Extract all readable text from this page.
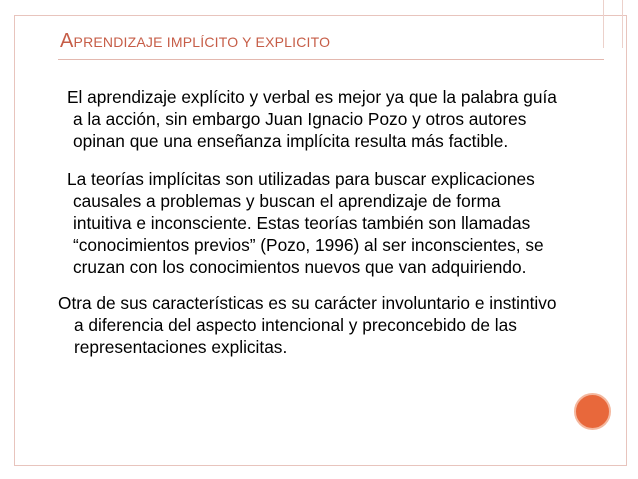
APRENDIZAJE IMPLÍCITO Y EXPLICITO

El aprendizaje explícito y verbal es mejor ya que la palabra guía a la acción, sin embargo Juan Ignacio Pozo y otros autores opinan que una enseñanza implícita resulta más factible.

La teorías implícitas son utilizadas para buscar explicaciones causales a problemas y buscan el aprendizaje de forma intuitiva e inconsciente. Estas teorías también son llamadas “conocimientos previos” (Pozo, 1996) al ser inconscientes, se cruzan con los conocimientos nuevos que van adquiriendo.

Otra de sus características es su carácter involuntario e instintivo a diferencia del aspecto intencional y preconcebido de las representaciones explicitas.
